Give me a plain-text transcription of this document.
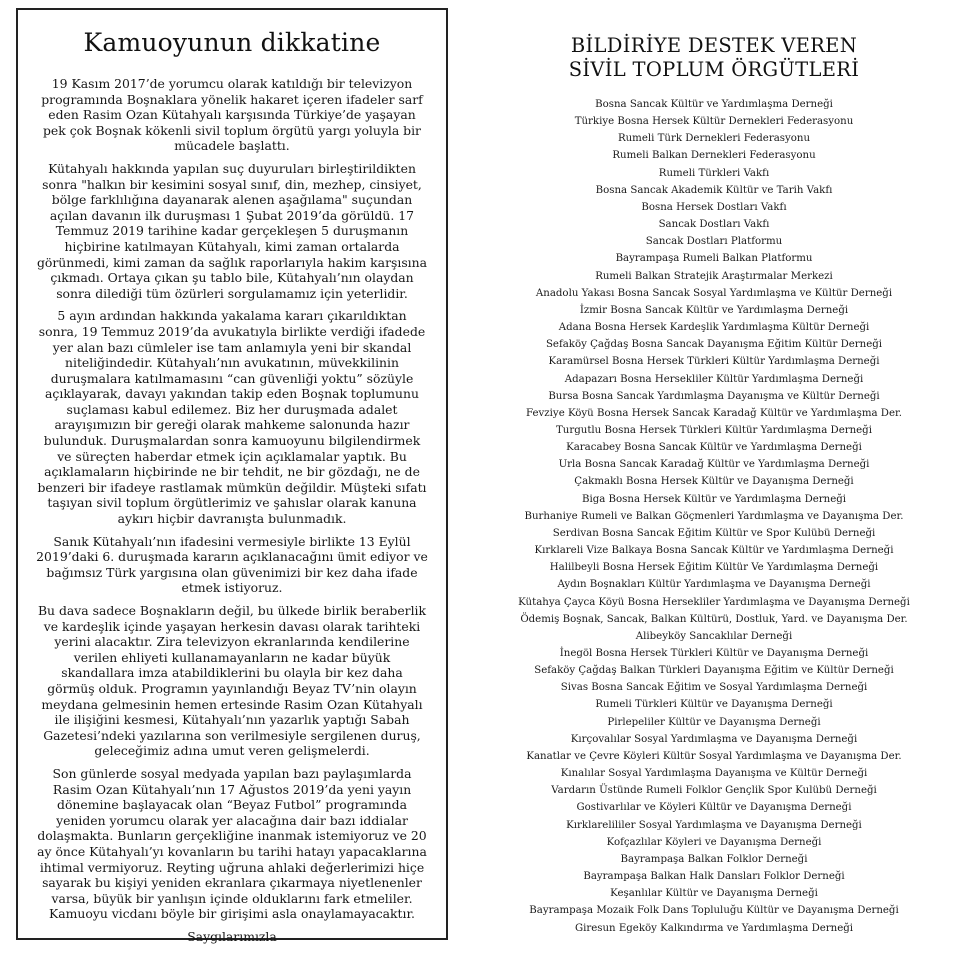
Kamuoyunun dikkatine

19 Kasım 2017’de yorumcu olarak katıldığı bir televizyon programında Boşnaklara yönelik hakaret içeren ifadeler sarf eden Rasim Ozan Kütahyalı karşısında Türkiye’de yaşayan pek çok Boşnak kökenli sivil toplum örgütü yargı yoluyla bir mücadele başlattı.

Kütahyalı hakkında yapılan suç duyuruları birleştirildikten sonra "halkın bir kesimini sosyal sınıf, din, mezhep, cinsiyet, bölge farklılığına dayanarak alenen aşağılama" suçundan açılan davanın ilk duruşması 1 Şubat 2019’da görüldü. 17 Temmuz 2019 tarihine kadar gerçekleşen 5 duruşmanın hiçbirine katılmayan Kütahyalı, kimi zaman ortalarda görünmedi, kimi zaman da sağlık raporlarıyla hakim karşısına çıkmadı. Ortaya çıkan şu tablo bile, Kütahyalı’nın olaydan sonra dilediği tüm özürleri sorgulamamız için yeterlidir.

5 ayın ardından hakkında yakalama kararı çıkarıldıktan sonra, 19 Temmuz 2019’da avukatıyla birlikte verdiği ifadede yer alan bazı cümleler ise tam anlamıyla yeni bir skandal niteliğindedir. Kütahyalı’nın avukatının, müvekkilinin duruşmalara katılmamasını “can güvenliği yoktu” sözüyle açıklayarak, davayı yakından takip eden Boşnak toplumunu suçlaması kabul edilemez. Biz her duruşmada adalet arayışımızın bir gereği olarak mahkeme salonunda hazır bulunduk. Duruşmalardan sonra kamuoyunu bilgilendirmek ve süreçten haberdar etmek için açıklamalar yaptık. Bu açıklamaların hiçbirinde ne bir tehdit, ne bir gözdağı, ne de benzeri bir ifadeye rastlamak mümkün değildir. Müşteki sıfatı taşıyan sivil toplum örgütlerimiz ve şahıslar olarak kanuna aykırı hiçbir davranışta bulunmadık.

Sanık Kütahyalı’nın ifadesini vermesiyle birlikte 13 Eylül 2019’daki 6. duruşmada kararın açıklanacağını ümit ediyor ve bağımsız Türk yargısına olan güvenimizi bir kez daha ifade etmek istiyoruz.

Bu dava sadece Boşnakların değil, bu ülkede birlik beraberlik ve kardeşlik içinde yaşayan herkesin davası olarak tarihteki yerini alacaktır. Zira televizyon ekranlarında kendilerine verilen ehliyeti kullanamayanların ne kadar büyük skandallara imza atabildiklerini bu olayla bir kez daha görmüş olduk. Programın yayınlandığı Beyaz TV’nin olayın meydana gelmesinin hemen ertesinde Rasim Ozan Kütahyalı ile ilişiğini kesmesi, Kütahyalı’nın yazarlık yaptığı Sabah Gazetesi’ndeki yazılarına son verilmesiyle sergilenen duruş, geleceğimiz adına umut veren gelişmelerdi.

Son günlerde sosyal medyada yapılan bazı paylaşımlarda Rasim Ozan Kütahyalı’nın 17 Ağustos 2019’da yeni yayın dönemine başlayacak olan “Beyaz Futbol” programında yeniden yorumcu olarak yer alacağına dair bazı iddialar dolaşmakta. Bunların gerçekliğine inanmak istemiyoruz ve 20 ay önce Kütahyalı’yı kovanların bu tarihi hatayı yapacaklarına ihtimal vermiyoruz. Reyting uğruna ahlaki değerlerimizi hiçe sayarak bu kişiyi yeniden ekranlara çıkarmaya niyetlenenler varsa, büyük bir yanlışın içinde olduklarını fark etmeliler. Kamuoyu vicdanı böyle bir girişimi asla onaylamayacaktır.

Saygılarımızla

BİLDİRİYE DESTEK VEREN
SİVİL TOPLUM ÖRGÜTLERİ
Bosna Sancak Kültür ve Yardımlaşma Derneği
Türkiye Bosna Hersek Kültür Dernekleri Federasyonu
Rumeli Türk Dernekleri Federasyonu
Rumeli Balkan Dernekleri Federasyonu
Rumeli Türkleri Vakfı
Bosna Sancak Akademik Kültür ve Tarih Vakfı
Bosna Hersek Dostları Vakfı
Sancak Dostları Vakfı
Sancak Dostları Platformu
Bayrampaşa Rumeli Balkan Platformu
Rumeli Balkan Stratejik Araştırmalar Merkezi
Anadolu Yakası Bosna Sancak Sosyal Yardımlaşma ve Kültür Derneği
İzmir Bosna Sancak Kültür ve Yardımlaşma Derneği
Adana Bosna Hersek Kardeşlik Yardımlaşma Kültür Derneği
Sefaköy Çağdaş Bosna Sancak Dayanışma Eğitim Kültür Derneği
Karamürsel Bosna Hersek Türkleri Kültür Yardımlaşma Derneği
Adapazarı Bosna Hersekliler Kültür Yardımlaşma Derneği
Bursa Bosna Sancak Yardımlaşma Dayanışma ve Kültür Derneği
Fevziye Köyü Bosna Hersek Sancak Karadağ Kültür ve Yardımlaşma Der.
Turgutlu Bosna Hersek Türkleri Kültür Yardımlaşma Derneği
Karacabey Bosna Sancak Kültür ve Yardımlaşma Derneği
Urla Bosna Sancak Karadağ Kültür ve Yardımlaşma Derneği
Çakmaklı Bosna Hersek Kültür ve Dayanışma Derneği
Biga Bosna Hersek Kültür ve Yardımlaşma Derneği
Burhaniye Rumeli ve Balkan Göçmenleri Yardımlaşma ve Dayanışma Der.
Serdivan Bosna Sancak Eğitim Kültür ve Spor Kulübü Derneği
Kırklareli Vize Balkaya Bosna Sancak Kültür ve Yardımlaşma Derneği
Halilbeyli Bosna Hersek Eğitim Kültür Ve Yardımlaşma Derneği
Aydın Boşnakları Kültür Yardımlaşma ve Dayanışma Derneği
Kütahya Çayca Köyü Bosna Hersekliler Yardımlaşma ve Dayanışma Derneği
Ödemiş Boşnak, Sancak, Balkan Kültürü, Dostluk, Yard. ve Dayanışma Der.
Alibeyköy Sancaklılar Derneği
İnegöl Bosna Hersek Türkleri Kültür ve Dayanışma Derneği
Sefaköy Çağdaş Balkan Türkleri Dayanışma Eğitim ve Kültür Derneği
Sivas Bosna Sancak Eğitim ve Sosyal Yardımlaşma Derneği
Rumeli Türkleri Kültür ve Dayanışma Derneği
Pirlepeliler Kültür ve Dayanışma Derneği
Kırçovalılar Sosyal Yardımlaşma ve Dayanışma Derneği
Kanatlar ve Çevre Köyleri Kültür Sosyal Yardımlaşma ve Dayanışma Der.
Kınalılar Sosyal Yardımlaşma Dayanışma ve Kültür Derneği
Vardarın Üstünde Rumeli Folklor Gençlik Spor Kulübü Derneği
Gostivarlılar ve Köyleri Kültür ve Dayanışma Derneği
Kırklarelililer Sosyal Yardımlaşma ve Dayanışma Derneği
Kofçazlılar Köyleri ve Dayanışma Derneği
Bayrampaşa Balkan Folklor Derneği
Bayrampaşa Balkan Halk Dansları Folklor Derneği
Keşanlılar Kültür ve Dayanışma Derneği
Bayrampaşa Mozaik Folk Dans Topluluğu Kültür ve Dayanışma Derneği
Giresun Egeköy Kalkındırma ve Yardımlaşma Derneği
